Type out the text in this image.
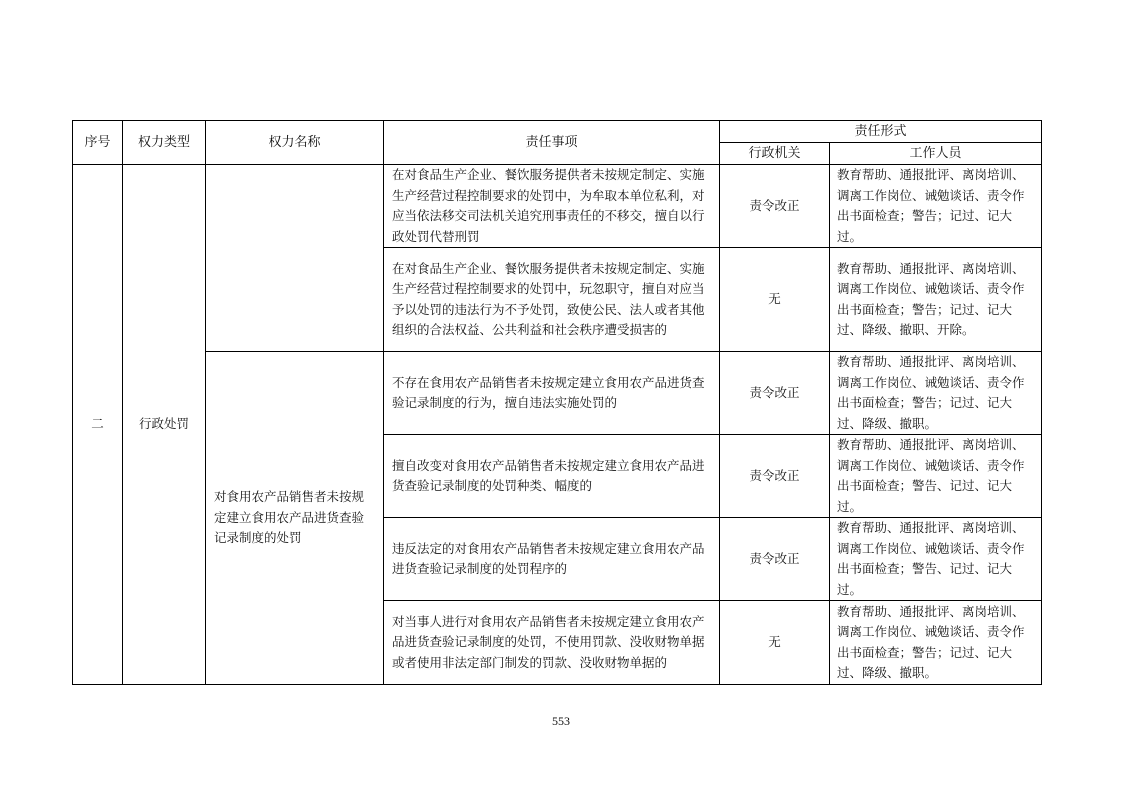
序号	权力类型	权力名称	责任事项	责任形式	
				行政机关	工作人员
二	行政处罚		在对食品生产企业、餐饮服务提供者未按规定制定、实施生产经营过程控制要求的处罚中，为牟取本单位私利，对应当依法移交司法机关追究刑事责任的不移交，擅自以行政处罚代替刑罚	责令改正	教育帮助、通报批评、离岗培训、调离工作岗位、诫勉谈话、责令作出书面检查；警告；记过、记大过。
			在对食品生产企业、餐饮服务提供者未按规定制定、实施生产经营过程控制要求的处罚中，玩忽职守，擅自对应当予以处罚的违法行为不予处罚，致使公民、法人或者其他组织的合法权益、公共利益和社会秩序遭受损害的	无	教育帮助、通报批评、离岗培训、调离工作岗位、诫勉谈话、责令作出书面检查；警告；记过、记大过、降级、撤职、开除。
		对食用农产品销售者未按规定建立食用农产品进货查验记录制度的处罚	不存在食用农产品销售者未按规定建立食用农产品进货查验记录制度的行为，擅自违法实施处罚的	责令改正	教育帮助、通报批评、离岗培训、调离工作岗位、诫勉谈话、责令作出书面检查；警告；记过、记大过、降级、撤职。
			擅自改变对食用农产品销售者未按规定建立食用农产品进货查验记录制度的处罚种类、幅度的	责令改正	教育帮助、通报批评、离岗培训、调离工作岗位、诫勉谈话、责令作出书面检查；警告、记过、记大过。
			违反法定的对食用农产品销售者未按规定建立食用农产品进货查验记录制度的处罚程序的	责令改正	教育帮助、通报批评、离岗培训、调离工作岗位、诫勉谈话、责令作出书面检查；警告、记过、记大过。
			对当事人进行对食用农产品销售者未按规定建立食用农产品进货查验记录制度的处罚，不使用罚款、没收财物单据或者使用非法定部门制发的罚款、没收财物单据的	无	教育帮助、通报批评、离岗培训、调离工作岗位、诫勉谈话、责令作出书面检查；警告；记过、记大过、降级、撤职。
553
